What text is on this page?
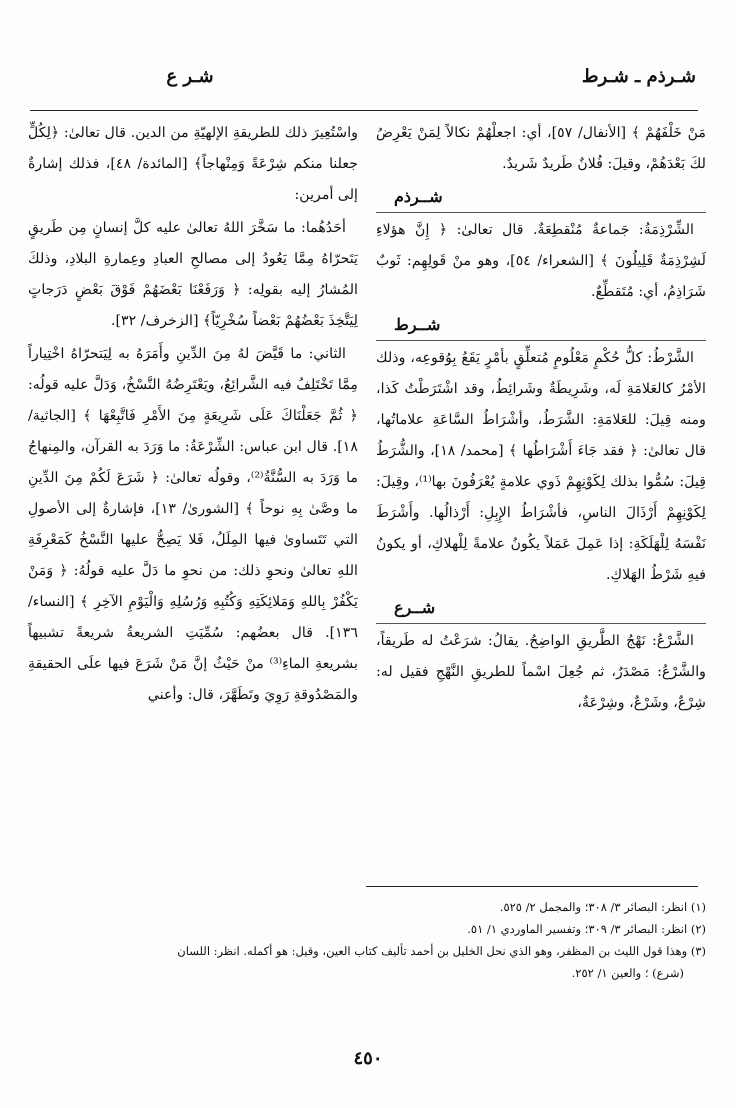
شـرذم ـ شـرط
شـر ع

مَنْ خَلْفَهُمْ ﴾ [الأنفال/ ٥٧]، أي: اجعلْهُمْ نكالاً لِمَنْ يَعْرِضُ لكَ بَعْدَهُمْ، وقيلَ: فُلانٌ طَريدٌ شَريدٌ.

شــرذم

الشِّرْذِمَةُ: جَماعةٌ مُنْقطِعَةٌ. قال تعالىٰ: ﴿ إِنَّ هؤلاءِ لَشِرْذِمَةٌ قَلِيلُونَ ﴾ [الشعراء/ ٥٤]، وهو منْ قَولِهِم: ثَوبٌ شَرَاذِمُ، أي: مُتَقطِّعٌ.

شــرط

الشَّرْطُ: كلُّ حُكْمٍ مَعْلُومٍ مُتعلِّقٍ بأمْرٍ يَقَعُ بِوُقوعِه، وذلك الأمْرُ كالعَلامَةِ لَه، وشَرِيطَةٌ وشَرائِطُ، وقد اشْتَرَطْتُ كَذا، ومنه قِيلَ: للعَلامَةِ: الشَّرَطُ، وأشْرَاطُ السَّاعَةِ علاماتُها، قال تعالىٰ: ﴿ فقد جَاءَ أَشْرَاطُها ﴾ [محمد/ ١٨]، والشُّرَطُ قِيلَ: سُمُّوا بذلك لِكَوْنِهِمْ ذَوي علامةٍ يُعْرَفُونَ بها⁽¹⁾، وقِيلَ: لِكَوْنِهِمْ أَرْذَالَ الناسِ، فأشْرَاطُ الإِبِلِ: أَرْذالُها. وأَشْرَطَ نَفْسَهُ لِلْهَلَكَةِ: إذا عَمِلَ عَمَلاً يكُونُ علامةً لِلْهلاكِ، أو يكونُ فيهِ شَرْطُ الهَلاكِ.

شــرع

الشَّرْعُ: نَهْجُ الطَّريقِ الواضِحُ. يقالُ: شرَعْتُ له طَريقاً، والشَّرْعُ: مَصْدَرٌ، ثم جُعِلَ اسْماً للطريقِ النَّهْجِ فقيل له: شِرْعٌ، وشَرْعٌ، وشِرْعَةٌ،

واسْتُعِيرَ ذلك للطريقةِ الإلهيّةِ من الدين. قال تعالىٰ: ﴿لِكُلٍّ جعلنا منكم شِرْعَةً وَمِنْهاجاً﴾ [المائدة/ ٤٨]، فذلك إشارةٌ إلى أمرين:

أحَدُهُما: ما سَخَّرَ اللهُ تعالىٰ عليه كلَّ إنسانٍ مِن طَريقٍ يَتَحرّاهُ مِمَّا يَعُودُ إلى مصالحِ العبادِ وعِمارةِ البلادِ، وذلكَ المُشارُ إليه بقولِه: ﴿ وَرَفَعْنَا بَعْضَهُمْ فَوْقَ بَعْضٍ دَرَجاتٍ لِيَتَّخِذَ بَعْضُهُمْ بَعْضاً سُخْرِيّاً﴾ [الزخرف/ ٣٢].

الثاني: ما قَيَّضَ لهُ مِنَ الدِّينِ وأَمَرَهُ به لِيَتحرّاهُ اخْتِياراً مِمَّا تَخْتَلِفُ فيه الشَّرائِعُ، ويَعْتَرِضُهُ النَّسْخُ، وَدَلَّ عليه قولُه: ﴿ ثُمَّ جَعَلْنَاكَ عَلَى شَرِيعَةٍ مِنَ الأَمْرِ فَاتَّبِعْهَا ﴾ [الجاثية/ ١٨]. قال ابن عباس: الشِّرْعَةُ: ما وَرَدَ به القرآن، والمِنهاجُ ما وَرَدَ به السُّنَّةُ⁽²⁾، وقولُه تعالىٰ: ﴿ شَرَعَ لَكُمْ مِنَ الدِّينِ ما وصَّىٰ بِهِ نوحاً ﴾ [الشورىٰ/ ١٣]، فإشارةٌ إلى الأصولِ التي تَتَساوىٰ فيها المِلَلُ، فَلا يَصِحُّ عليها النَّسْخُ كَمَعْرِفَةِ اللهِ تعالىٰ ونحوِ ذلك: من نحوِ ما دَلَّ عليه قولُهُ: ﴿ وَمَنْ يَكْفُرْ بِاللهِ وَمَلائِكَتِهِ وَكُتُبِهِ وَرُسُلِهِ وَالْيَوْمِ الآخِرِ ﴾ [النساء/ ١٣٦]. قال بعضُهم: سُمِّيَتِ الشريعةُ شريعةً تشبيهاً بشريعةِ الماءِ⁽³⁾ منْ حَيْثُ إنَّ مَنْ شَرَعَ فيها علَى الحقيقةِ والمَصْدُوقةِ رَوِيَ وتَطَهَّرَ، قال: وأعني

(١) انظر: البصائر ٣/ ٣٠٨؛ والمجمل ٢/ ٥٢٥.
(٢) انظر: البصائر ٣/ ٣٠٩؛ وتفسير الماوردي ١/ ٥١.
(٣) وهذا قول الليث بن المظفر، وهو الذي نحل الخليل بن أحمد تأليف كتاب العين، وقيل: هو أكمله. انظر: اللسان
(شرع) ؛ والعين ١/ ٢٥٢.
٤٥٠
